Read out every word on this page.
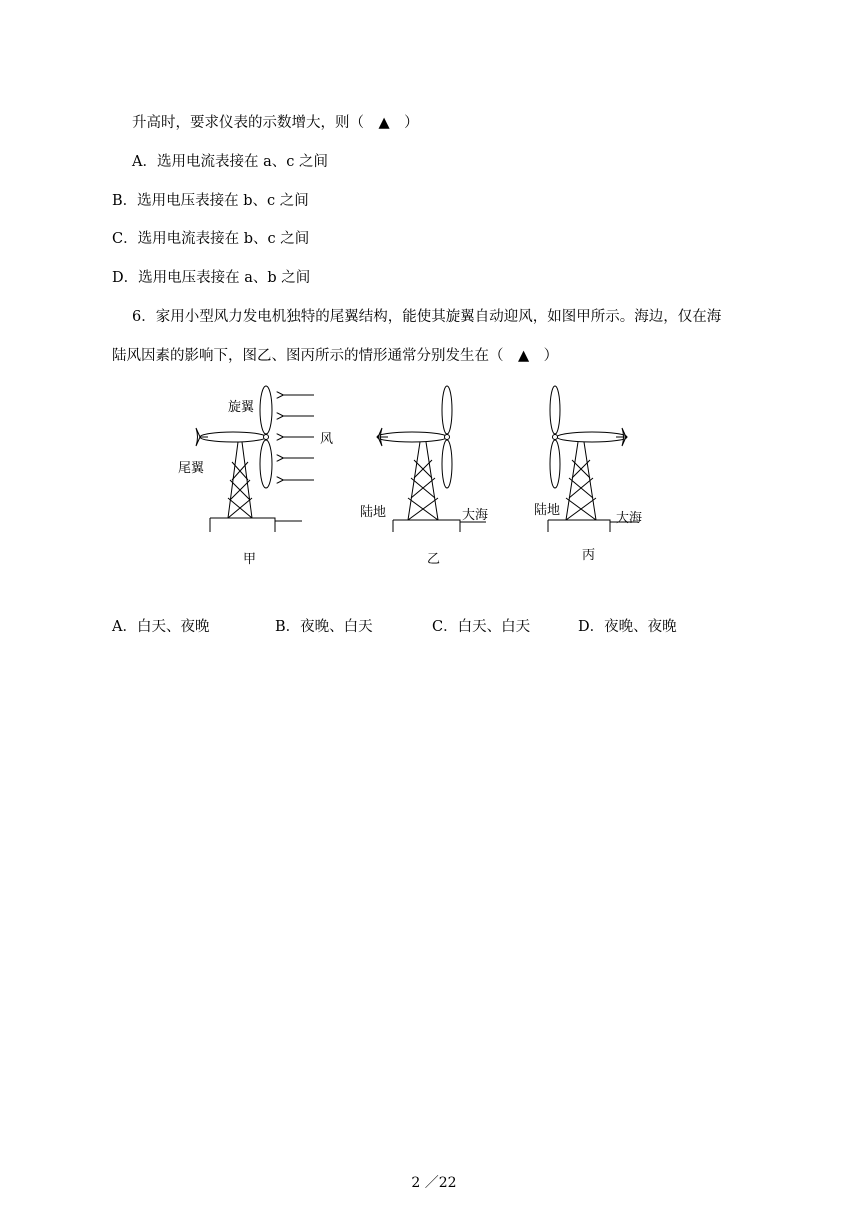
升高时，要求仪表的示数增大，则（　▲　）
A．选用电流表接在 a、c 之间
B．选用电压表接在 b、c 之间
C．选用电流表接在 b、c 之间
D．选用电压表接在 a、b 之间
6．家用小型风力发电机独特的尾翼结构，能使其旋翼自动迎风，如图甲所示。海边，仅在海
陆风因素的影响下，图乙、图丙所示的情形通常分别发生在（　▲　）
旋翼
尾翼
风
甲
陆地	大海
乙
陆地
大海
丙
A．白天、夜晚	B．夜晚、白天	C．白天、白天	D．夜晚、夜晚
2 ／22
